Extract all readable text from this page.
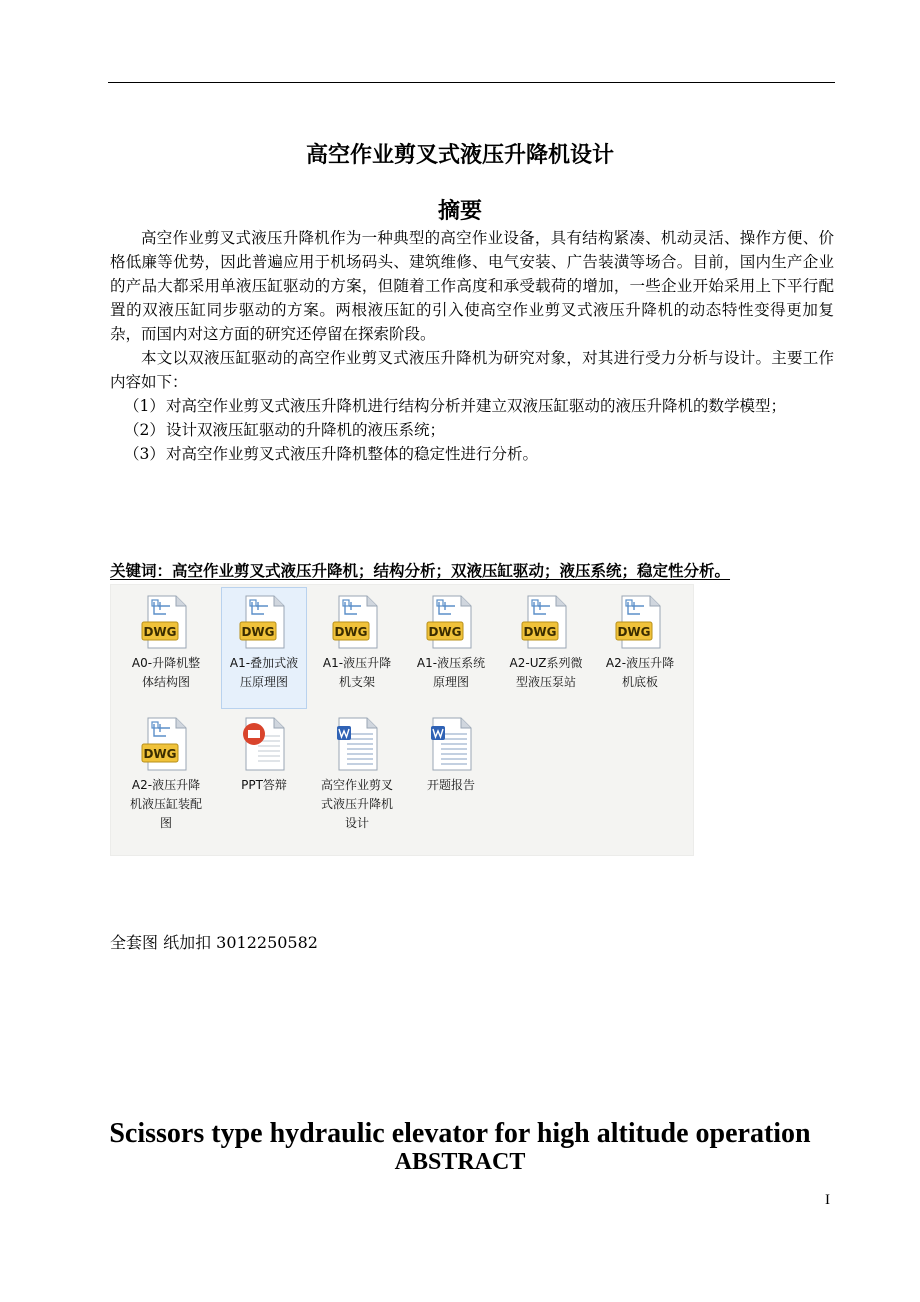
高空作业剪叉式液压升降机设计
摘要

高空作业剪叉式液压升降机作为一种典型的高空作业设备，具有结构紧凑、机动灵活、操作方便、价格低廉等优势，因此普遍应用于机场码头、建筑维修、电气安装、广告装潢等场合。目前，国内生产企业的产品大都采用单液压缸驱动的方案，但随着工作高度和承受载荷的增加，一些企业开始采用上下平行配置的双液压缸同步驱动的方案。两根液压缸的引入使高空作业剪叉式液压升降机的动态特性变得更加复杂，而国内对这方面的研究还停留在探索阶段。

本文以双液压缸驱动的高空作业剪叉式液压升降机为研究对象，对其进行受力分析与设计。主要工作内容如下：

（1） 对高空作业剪叉式液压升降机进行结构分析并建立双液压缸驱动的液压升降机的数学模型；
（2） 设计双液压缸驱动的升降机的液压系统；
（3） 对高空作业剪叉式液压升降机整体的稳定性进行分析。
关键词：高空作业剪叉式液压升降机；结构分析；双液压缸驱动；液压系统；稳定性分析。
DWG
A0-升降机整体结构图
DWG
A1-叠加式液压原理图
DWG
A1-液压升降机支架
DWG
A1-液压系统原理图
DWG
A2-UZ系列微型液压泵站
DWG
A2-液压升降机底板
DWG
A2-液压升降机液压缸装配图
PPT答辩	高空作业剪叉式液压升降机设计
开题报告
全套图 纸加扣 3012250582
Scissors type hydraulic elevator for high altitude operation
ABSTRACT
I
